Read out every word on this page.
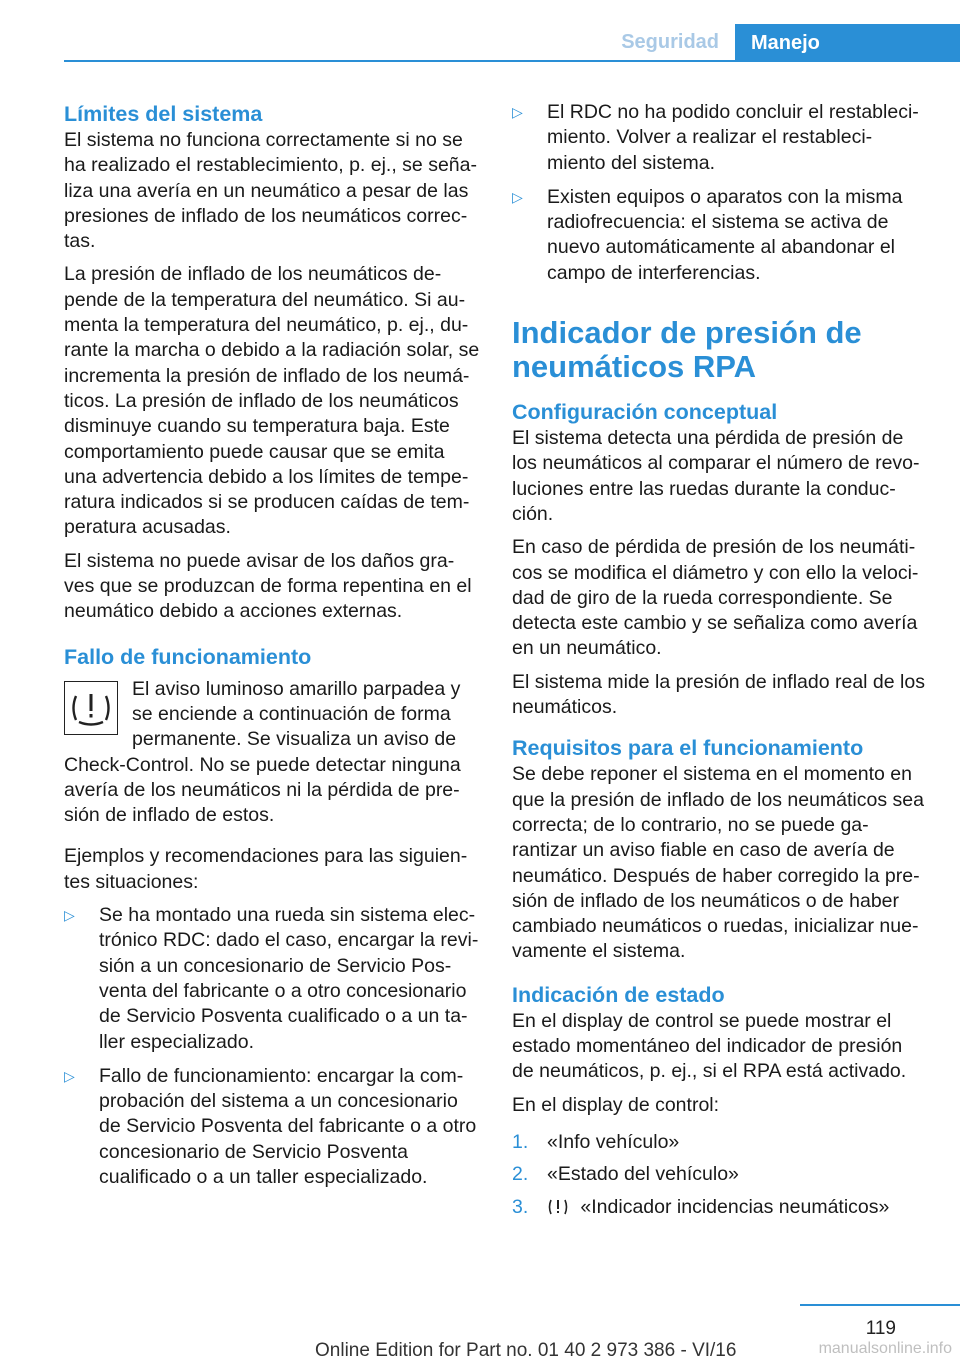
Seguridad	Manejo
Límites del sistema

El sistema no funciona correctamente si no se ha realizado el restablecimiento, p. ej., se seña-liza una avería en un neumático a pesar de las presiones de inflado de los neumáticos correc-tas.

La presión de inflado de los neumáticos de-pende de la temperatura del neumático. Si au-menta la temperatura del neumático, p. ej., du-rante la marcha o debido a la radiación solar, se incrementa la presión de inflado de los neumá-ticos. La presión de inflado de los neumáticos disminuye cuando su temperatura baja. Este comportamiento puede causar que se emita una advertencia debido a los límites de tempe-ratura indicados si se producen caídas de tem-peratura acusadas.

El sistema no puede avisar de los daños gra-ves que se produzcan de forma repentina en el neumático debido a acciones externas.

Fallo de funcionamiento

El aviso luminoso amarillo parpadea y se enciende a continuación de forma permanente. Se visualiza un aviso de Check-Control. No se puede detectar ninguna avería de los neumáticos ni la pérdida de pre-sión de inflado de estos.

Ejemplos y recomendaciones para las siguien-tes situaciones:

▷ Se ha montado una rueda sin sistema elec-trónico RDC: dado el caso, encargar la revi-sión a un concesionario de Servicio Pos-venta del fabricante o a otro concesionario de Servicio Posventa cualificado o a un ta-ller especializado.
▷ Fallo de funcionamiento: encargar la com-probación del sistema a un concesionario de Servicio Posventa del fabricante o a otro concesionario de Servicio Posventa cualificado o a un taller especializado.
▷ El RDC no ha podido concluir el restableci-miento. Volver a realizar el restableci-miento del sistema.
▷ Existen equipos o aparatos con la misma radiofrecuencia: el sistema se activa de nuevo automáticamente al abandonar el campo de interferencias.
Indicador de presión de neumáticos RPA
Configuración conceptual

El sistema detecta una pérdida de presión de los neumáticos al comparar el número de revo-luciones entre las ruedas durante la conduc-ción.

En caso de pérdida de presión de los neumáti-cos se modifica el diámetro y con ello la veloci-dad de giro de la rueda correspondiente. Se detecta este cambio y se señaliza como avería en un neumático.

El sistema mide la presión de inflado real de los neumáticos.

Requisitos para el funcionamiento

Se debe reponer el sistema en el momento en que la presión de inflado de los neumáticos sea correcta; de lo contrario, no se puede ga-rantizar un aviso fiable en caso de avería de neumático. Después de haber corregido la pre-sión de inflado de los neumáticos o de haber cambiado neumáticos o ruedas, inicializar nue-vamente el sistema.

Indicación de estado

En el display de control se puede mostrar el estado momentáneo del indicador de presión de neumáticos, p. ej., si el RPA está activado.

En el display de control:

1. «Info vehículo»
2. «Estado del vehículo»
3.	«Indicador incidencias neumáticos»
119
Online Edition for Part no. 01 40 2 973 386 - VI/16	manualsonline.info
